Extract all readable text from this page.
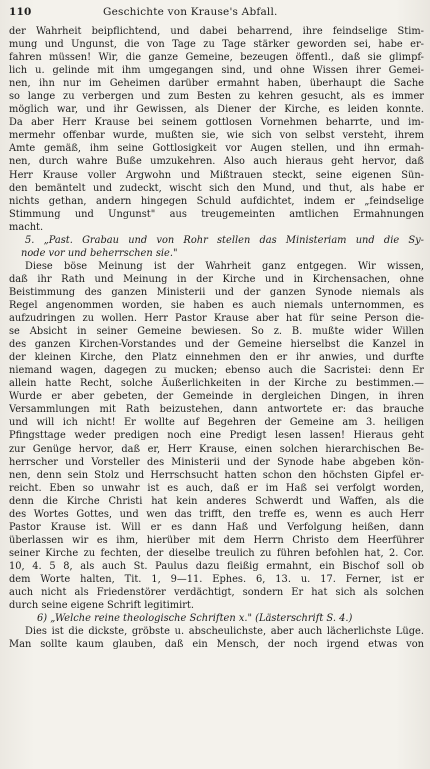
110	Geschichte von Krause's Abfall.
der Wahrheit beipflichtend, und dabei beharrend, ihre feindselige Stim-
mung und Ungunst, die von Tage zu Tage stärker geworden sei, habe er-
fahren müssen! Wir, die ganze Gemeine, bezeugen öffentl., daß sie glimpf-
lich u. gelinde mit ihm umgegangen sind, und ohne Wissen ihrer Gemei-
nen, ihn nur im Geheimen darüber ermahnt haben, überhaupt die Sache
so lange zu verbergen und zum Besten zu kehren gesucht, als es immer
möglich war, und ihr Gewissen, als Diener der Kirche, es leiden konnte.
Da aber Herr Krause bei seinem gottlosen Vornehmen beharrte, und im-
mermehr offenbar wurde, mußten sie, wie sich von selbst versteht, ihrem
Amte gemäß, ihm seine Gottlosigkeit vor Augen stellen, und ihn ermah-
nen, durch wahre Buße umzukehren. Also auch hieraus geht hervor, daß
Herr Krause voller Argwohn und Mißtrauen steckt, seine eigenen Sün-
den bemäntelt und zudeckt, wischt sich den Mund, und thut, als habe er
nichts gethan, andern hingegen Schuld aufdichtet, indem er „feindselige
Stimmung und Ungunst" aus treugemeinten amtlichen Ermahnungen
macht.
5. „Past. Grabau und von Rohr stellen das Ministeriam und die Sy-
node vor und beherrschen sie."
Diese böse Meinung ist der Wahrheit ganz entgegen. Wir wissen,
daß ihr Rath und Meinung in der Kirche und in Kirchensachen, ohne
Beistimmung des ganzen Ministerii und der ganzen Synode niemals als
Regel angenommen worden, sie haben es auch niemals unternommen, es
aufzudringen zu wollen. Herr Pastor Krause aber hat für seine Person die-
se Absicht in seiner Gemeine bewiesen. So z. B. mußte wider Willen
des ganzen Kirchen-Vorstandes und der Gemeine hierselbst die Kanzel in
der kleinen Kirche, den Platz einnehmen den er ihr anwies, und durfte
niemand wagen, dagegen zu mucken; ebenso auch die Sacristei: denn Er
allein hatte Recht, solche Äußerlichkeiten in der Kirche zu bestimmen.—
Wurde er aber gebeten, der Gemeinde in dergleichen Dingen, in ihren
Versammlungen mit Rath beizustehen, dann antwortete er: das brauche
und will ich nicht! Er wollte auf Begehren der Gemeine am 3. heiligen
Pfingsttage weder predigen noch eine Predigt lesen lassen! Hieraus geht
zur Genüge hervor, daß er, Herr Krause, einen solchen hierarchischen Be-
herrscher und Vorsteller des Ministerii und der Synode habe abgeben kön-
nen, denn sein Stolz und Herrschsucht hatten schon den höchsten Gipfel er-
reicht. Eben so unwahr ist es auch, daß er im Haß sei verfolgt worden,
denn die Kirche Christi hat kein anderes Schwerdt und Waffen, als die
des Wortes Gottes, und wen das trifft, den treffe es, wenn es auch Herr
Pastor Krause ist. Will er es dann Haß und Verfolgung heißen, dann
überlassen wir es ihm, hierüber mit dem Herrn Christo dem Heerführer
seiner Kirche zu fechten, der dieselbe treulich zu führen befohlen hat, 2. Cor.
10, 4. 5 8, als auch St. Paulus dazu fleißig ermahnt, ein Bischof soll ob
dem Worte halten, Tit. 1, 9—11. Ephes. 6, 13. u. 17. Ferner, ist er
auch nicht als Friedenstörer verdächtigt, sondern Er hat sich als solchen
durch seine eigene Schrift legitimirt.
6) „Welche reine theologische Schriften x." (Lästerschrift S. 4.)
Dies ist die dickste, gröbste u. abscheulichste, aber auch lächerlichste Lüge.
Man sollte kaum glauben, daß ein Mensch, der noch irgend etwas von
